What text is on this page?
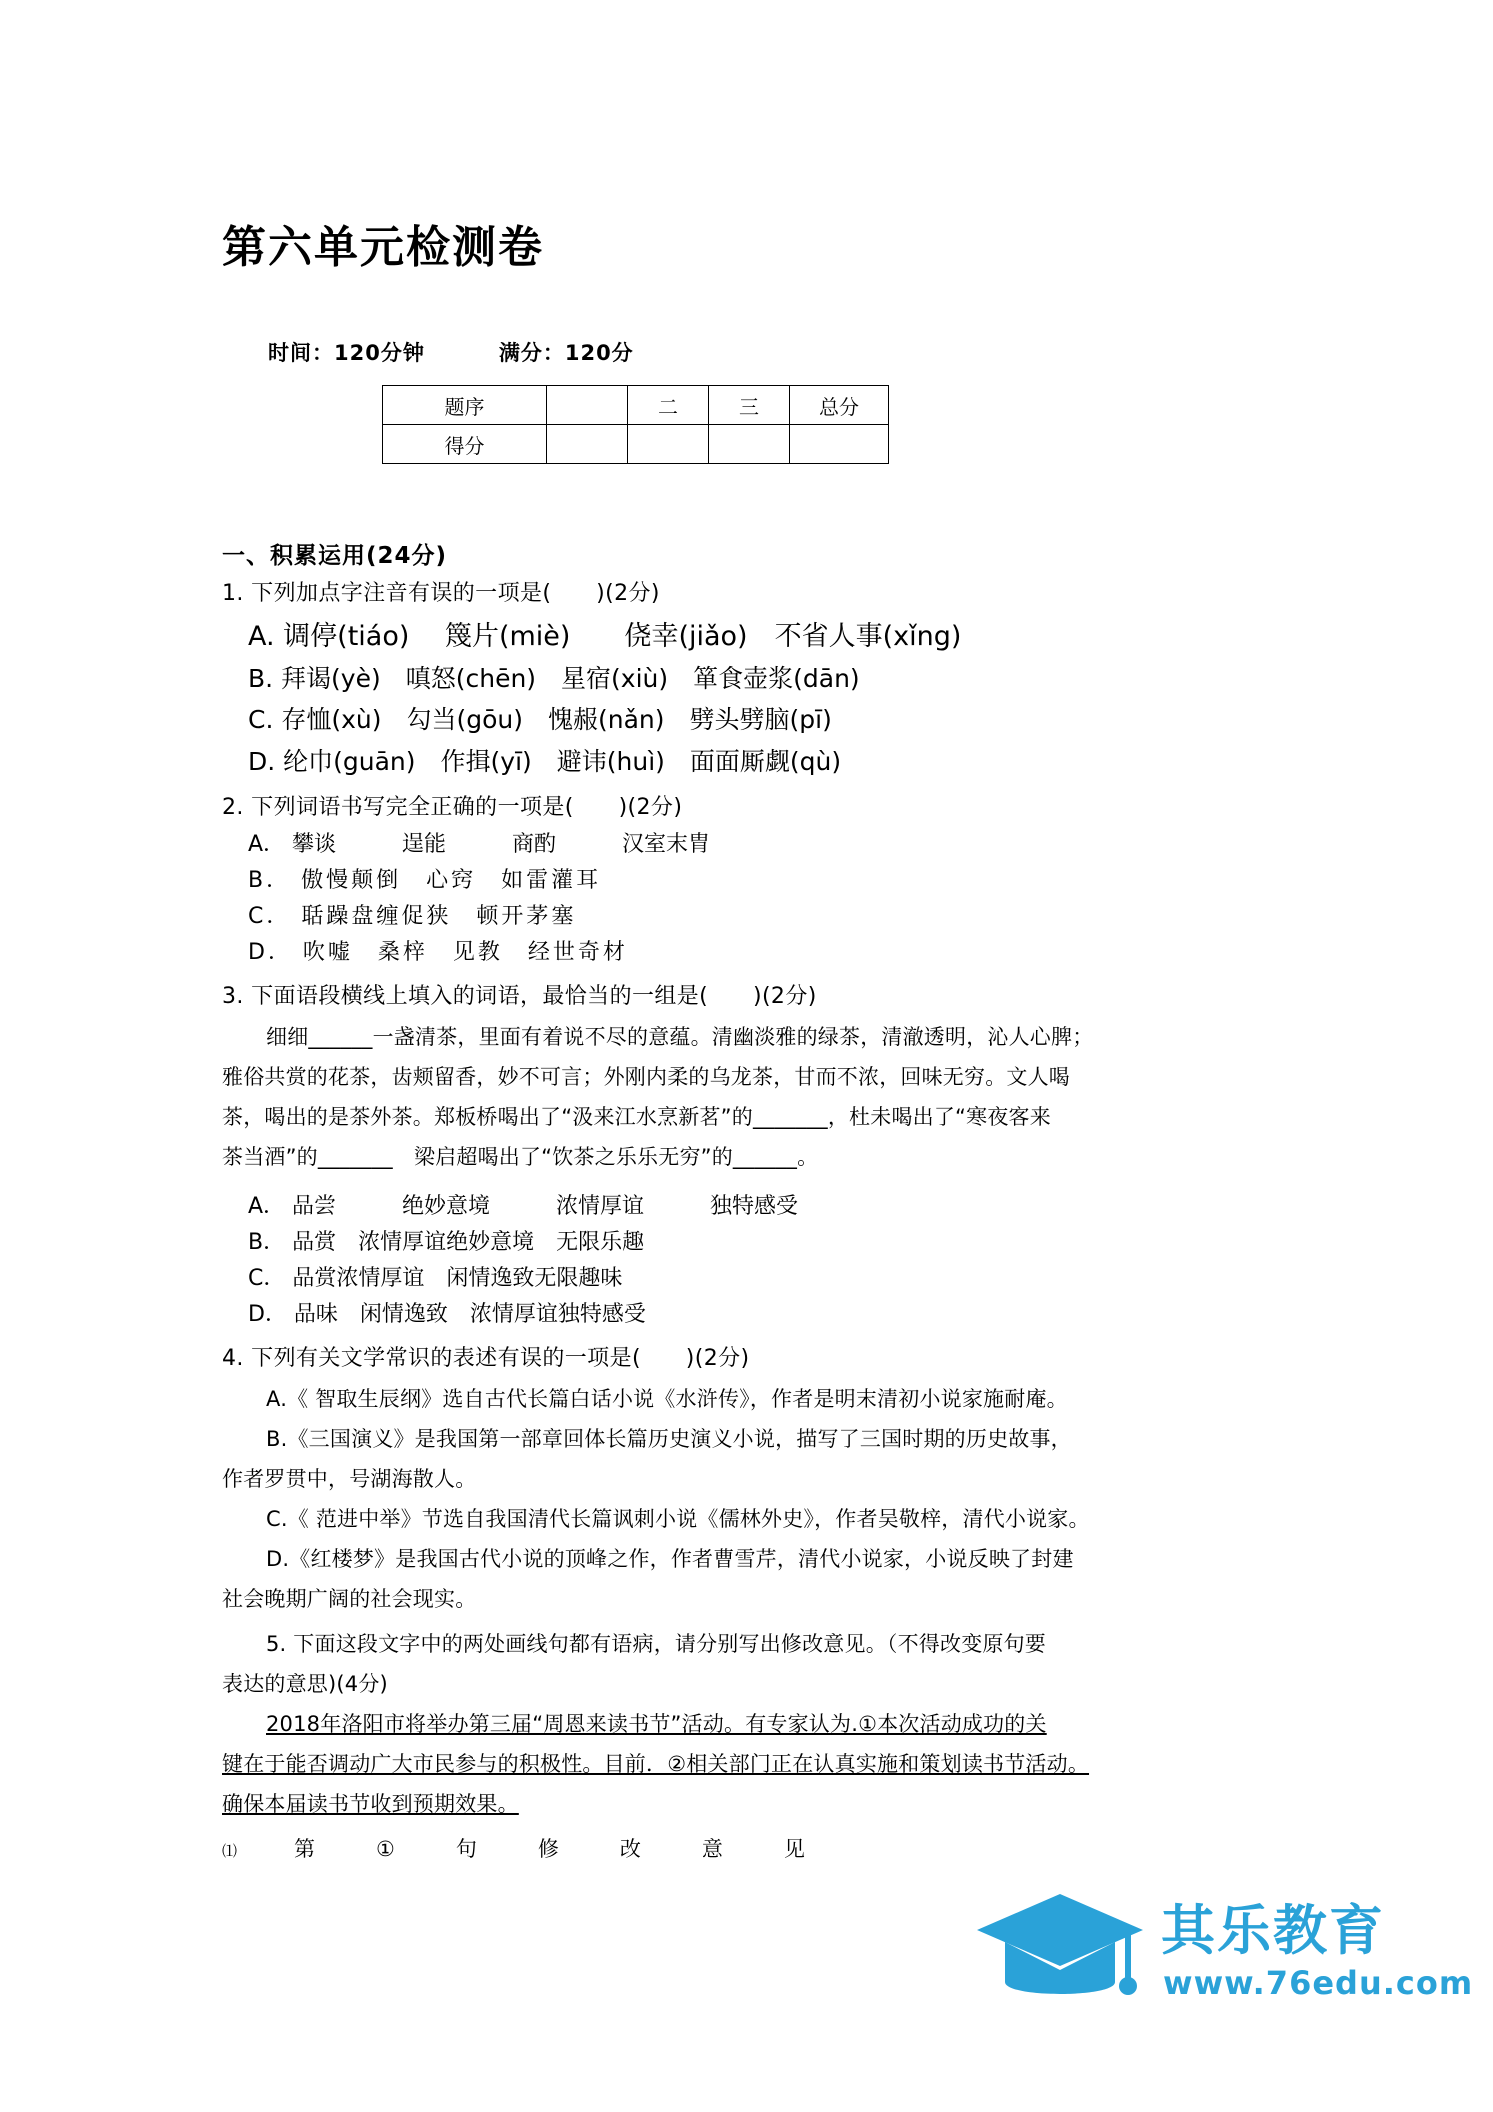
第六单元检测卷
时间：120分钟	满分：120分
一、积累运用(24分)
1. 下列加点字注音有误的一项是(　　)(2分)
A. 调停(tiáo)　 篾片(miè)　　侥幸(jiǎo)　不省人事(xǐng)
B. 拜谒(yè)　嗔怒(chēn)　星宿(xiù)　箪食壶浆(dān)
C. 存恤(xù)　勾当(gōu)　愧赧(nǎn)　劈头劈脑(pī)
D. 纶巾(guān)　作揖(yī)　避讳(huì)　面面厮觑(qù)
2. 下列词语书写完全正确的一项是(　　)(2分)
A． 攀谈　　　逞能　　　商酌　　　汉室末胄
B． 傲慢颠倒　心窍　如雷灌耳
C． 聒躁盘缠促狭　顿开茅塞
D． 吹嘘　桑梓　见教　经世奇材
3. 下面语段横线上填入的词语，最恰当的一组是(　　)(2分)
细细______一盏清茶，里面有着说不尽的意蕴。清幽淡雅的绿茶，清澈透明，沁人心脾；
雅俗共赏的花茶，齿颊留香，妙不可言；外刚内柔的乌龙茶，甘而不浓，回味无穷。文人喝
茶，喝出的是茶外茶。郑板桥喝出了“汲来江水烹新茗”的_______，杜未喝出了“寒夜客来
茶当酒”的_______　梁启超喝出了“饮茶之乐乐无穷”的______。
A． 品尝　　　绝妙意境　　　浓情厚谊　　　独特感受
B． 品赏　浓情厚谊绝妙意境　无限乐趣
C． 品赏浓情厚谊　闲情逸致无限趣味
D． 品味　闲情逸致　浓情厚谊独特感受
4. 下列有关文学常识的表述有误的一项是(　　)(2分)
A.《 智取生辰纲》选自古代长篇白话小说《水浒传》，作者是明末清初小说家施耐庵。
B.《三国演义》是我国第一部章回体长篇历史演义小说，描写了三国时期的历史故事，
作者罗贯中，号湖海散人。
C.《 范进中举》节选自我国清代长篇讽刺小说《儒林外史》，作者吴敬梓，清代小说家。
D.《红楼梦》是我国古代小说的顶峰之作，作者曹雪芹，清代小说家，小说反映了封建
社会晚期广阔的社会现实。
5. 下面这段文字中的两处画线句都有语病，请分别写出修改意见。（不得改变原句要
表达的意思)(4分)
2018年洛阳市将举办第三届“周恩来读书节”活动。有专家认为.①本次活动成功的关
键在于能否调动广大市民参与的积极性。目前．②相关部门正在认真实施和策划读书节活动。
确保本届读书节收到预期效果。
⑴	第	①	句	修	改	意	见
题序		二	三	总分
得分				
其乐教育
www.76edu.com
